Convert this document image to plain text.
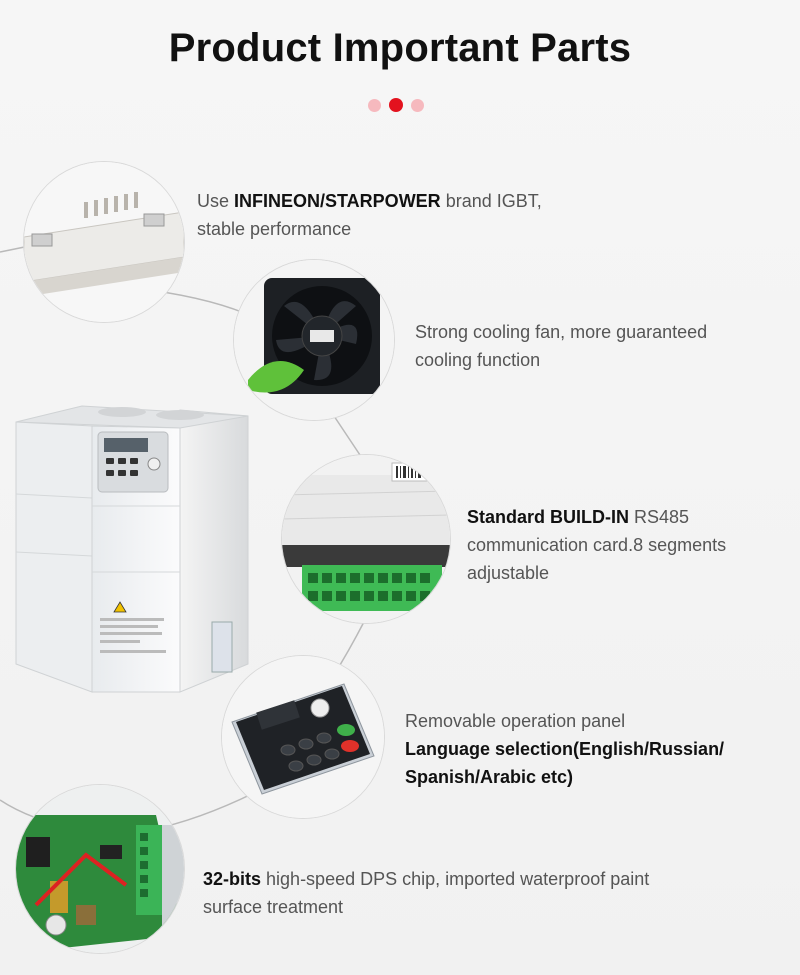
Product Important Parts
Use INFINEON/STARPOWER brand IGBT,
stable performance
Strong cooling fan, more guaranteed
cooling function
Standard BUILD-IN RS485
communication card.8 segments
adjustable
Removable operation panel
Language selection(English/Russian/
Spanish/Arabic etc)
32-bits high-speed DPS chip, imported waterproof paint
surface treatment
